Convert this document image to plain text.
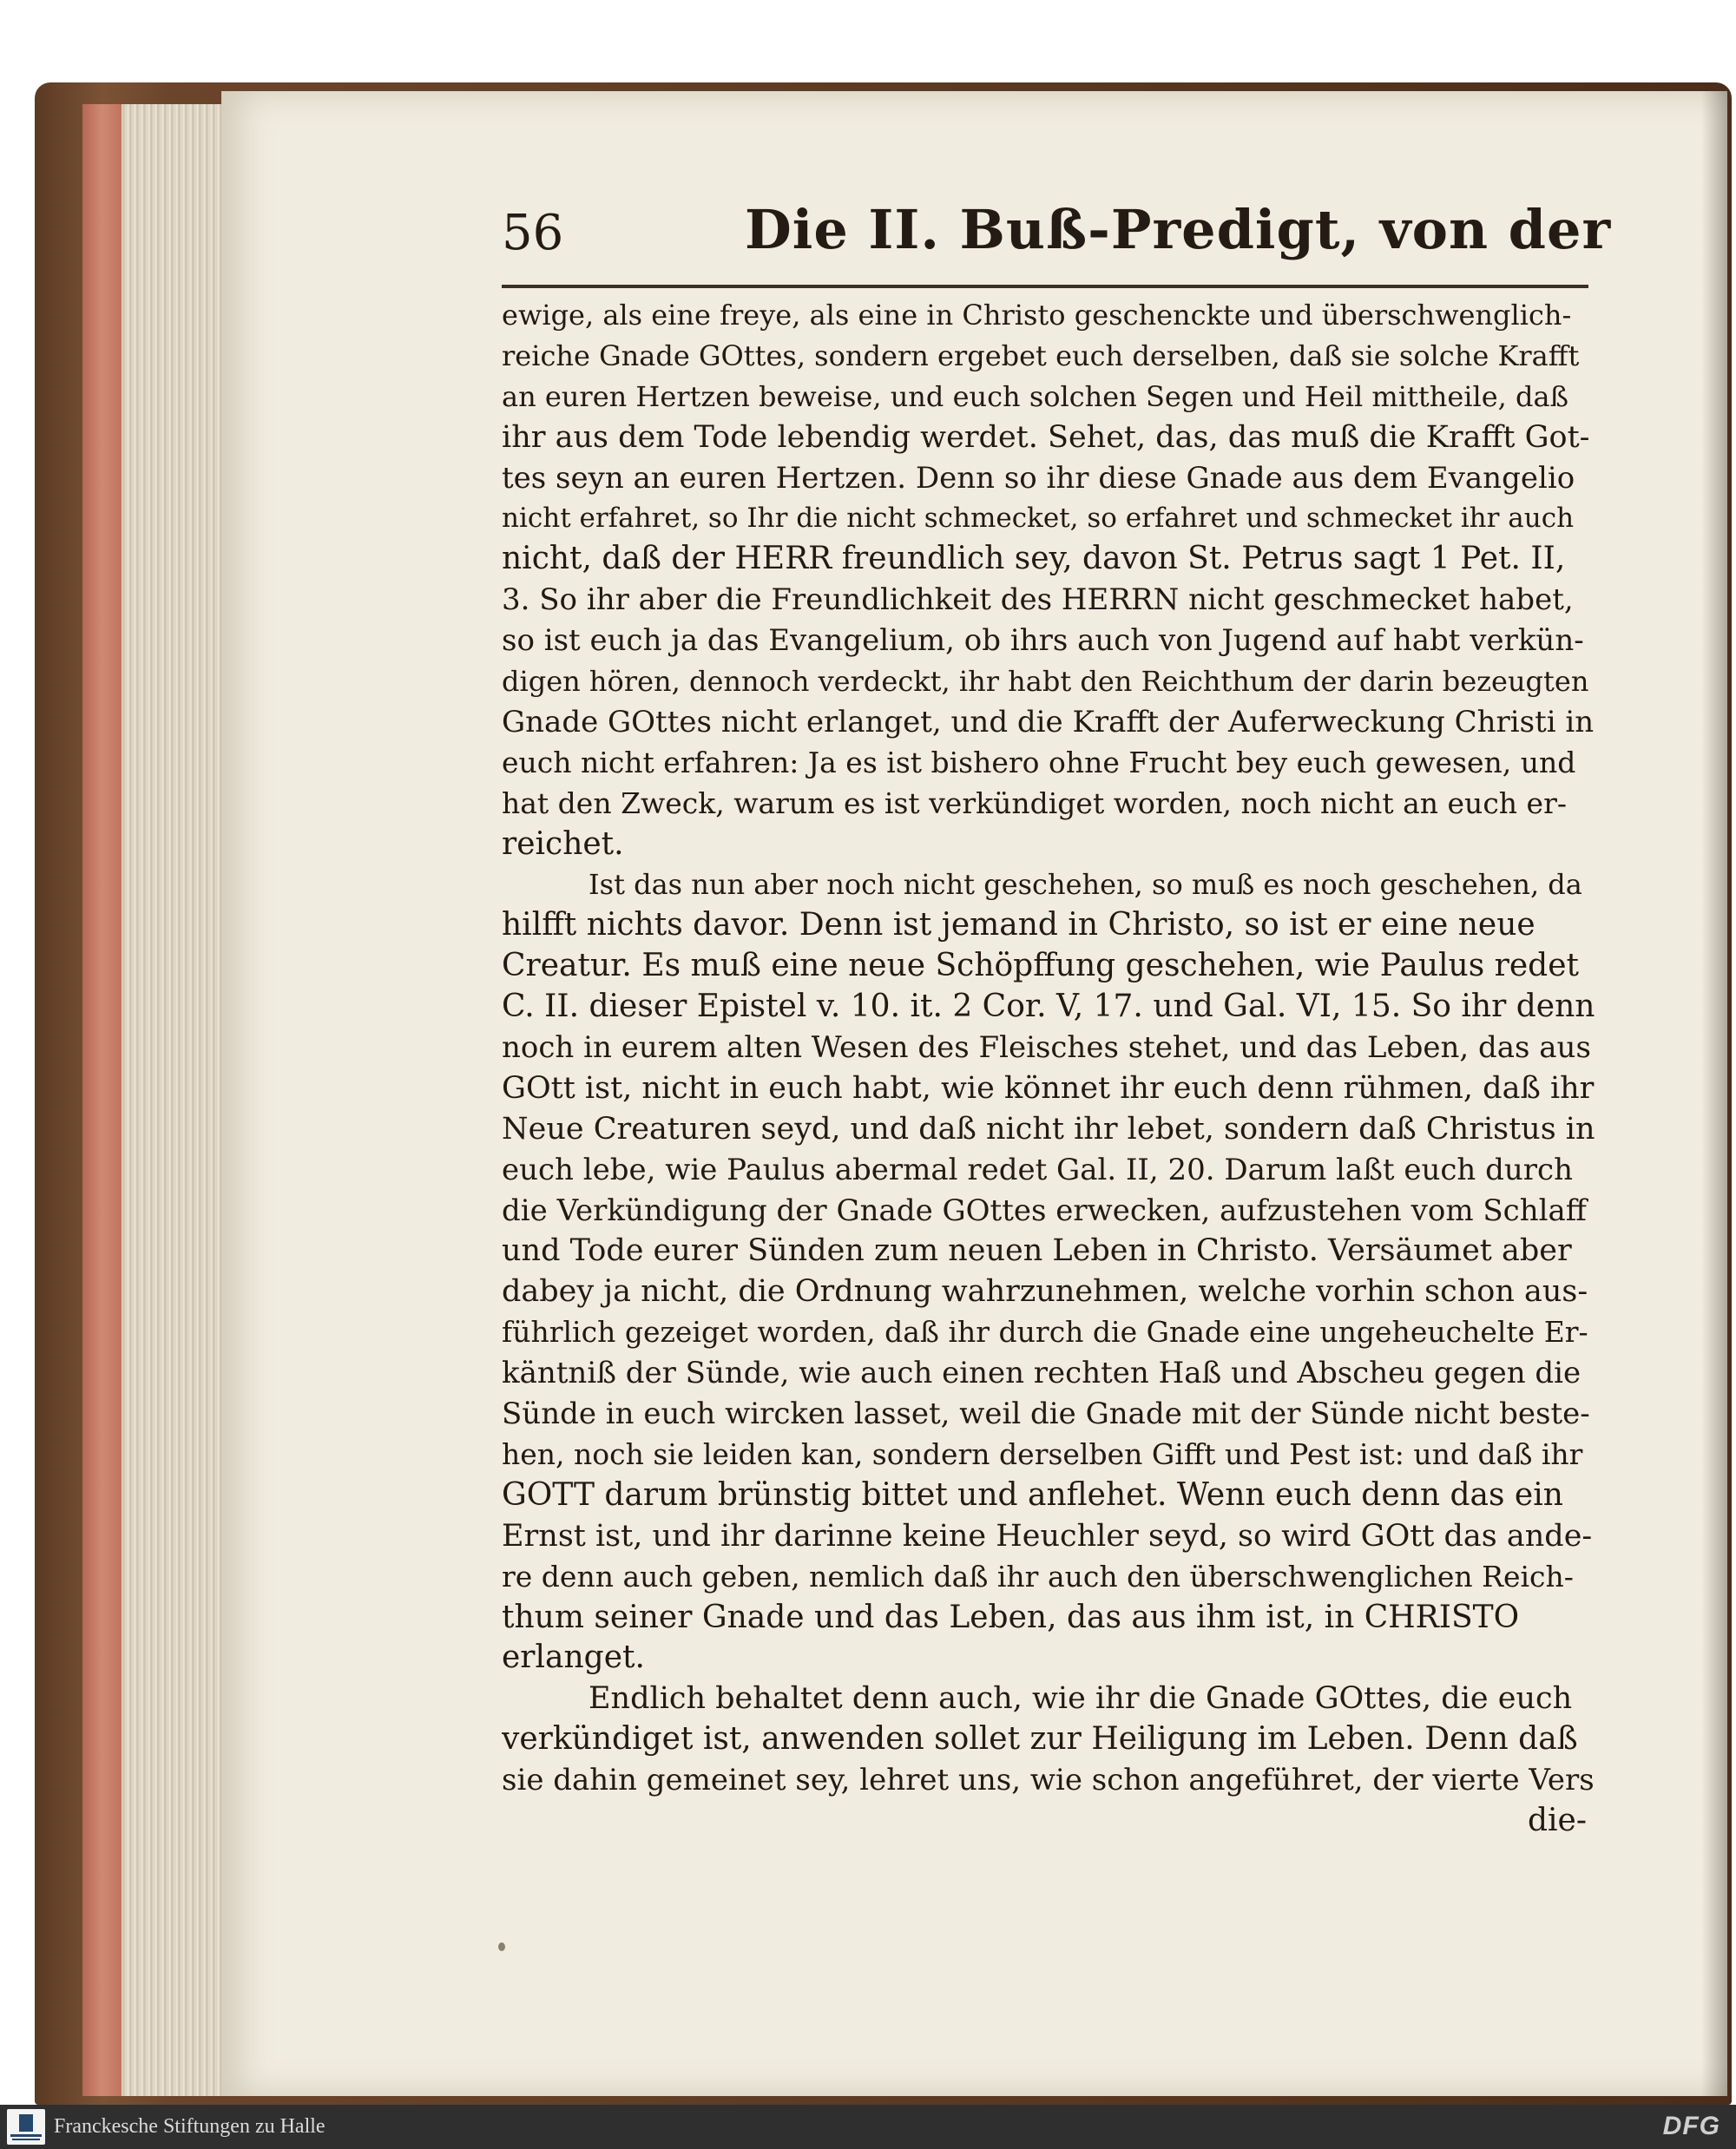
56	Die II. Buß-Predigt, von der
ewige, als eine freye, als eine in Christo geschenckte und überschwenglich-
reiche Gnade GOttes, sondern ergebet euch derselben, daß sie solche Krafft
an euren Hertzen beweise, und euch solchen Segen und Heil mittheile, daß
ihr aus dem Tode lebendig werdet. Sehet, das, das muß die Krafft Got-
tes seyn an euren Hertzen. Denn so ihr diese Gnade aus dem Evangelio
nicht erfahret, so Ihr die nicht schmecket, so erfahret und schmecket ihr auch
nicht, daß der HERR freundlich sey, davon St. Petrus sagt 1 Pet. II,
3. So ihr aber die Freundlichkeit des HERRN nicht geschmecket habet,
so ist euch ja das Evangelium, ob ihrs auch von Jugend auf habt verkün-
digen hören, dennoch verdeckt, ihr habt den Reichthum der darin bezeugten
Gnade GOttes nicht erlanget, und die Krafft der Auferweckung Christi in
euch nicht erfahren: Ja es ist bishero ohne Frucht bey euch gewesen, und
hat den Zweck, warum es ist verkündiget worden, noch nicht an euch er-
reichet.
Ist das nun aber noch nicht geschehen, so muß es noch geschehen, da
hilfft nichts davor. Denn ist jemand in Christo, so ist er eine neue
Creatur. Es muß eine neue Schöpffung geschehen, wie Paulus redet
C. II. dieser Epistel v. 10. it. 2 Cor. V, 17. und Gal. VI, 15. So ihr denn
noch in eurem alten Wesen des Fleisches stehet, und das Leben, das aus
GOtt ist, nicht in euch habt, wie könnet ihr euch denn rühmen, daß ihr
Neue Creaturen seyd, und daß nicht ihr lebet, sondern daß Christus in
euch lebe, wie Paulus abermal redet Gal. II, 20. Darum laßt euch durch
die Verkündigung der Gnade GOttes erwecken, aufzustehen vom Schlaff
und Tode eurer Sünden zum neuen Leben in Christo. Versäumet aber
dabey ja nicht, die Ordnung wahrzunehmen, welche vorhin schon aus-
führlich gezeiget worden, daß ihr durch die Gnade eine ungeheuchelte Er-
käntniß der Sünde, wie auch einen rechten Haß und Abscheu gegen die
Sünde in euch wircken lasset, weil die Gnade mit der Sünde nicht beste-
hen, noch sie leiden kan, sondern derselben Gifft und Pest ist: und daß ihr
GOTT darum brünstig bittet und anflehet. Wenn euch denn das ein
Ernst ist, und ihr darinne keine Heuchler seyd, so wird GOtt das ande-
re denn auch geben, nemlich daß ihr auch den überschwenglichen Reich-
thum seiner Gnade und das Leben, das aus ihm ist, in CHRISTO
erlanget.
Endlich behaltet denn auch, wie ihr die Gnade GOttes, die euch
verkündiget ist, anwenden sollet zur Heiligung im Leben. Denn daß
sie dahin gemeinet sey, lehret uns, wie schon angeführet, der vierte Vers
die-
Franckesche Stiftungen zu Halle	DFG
